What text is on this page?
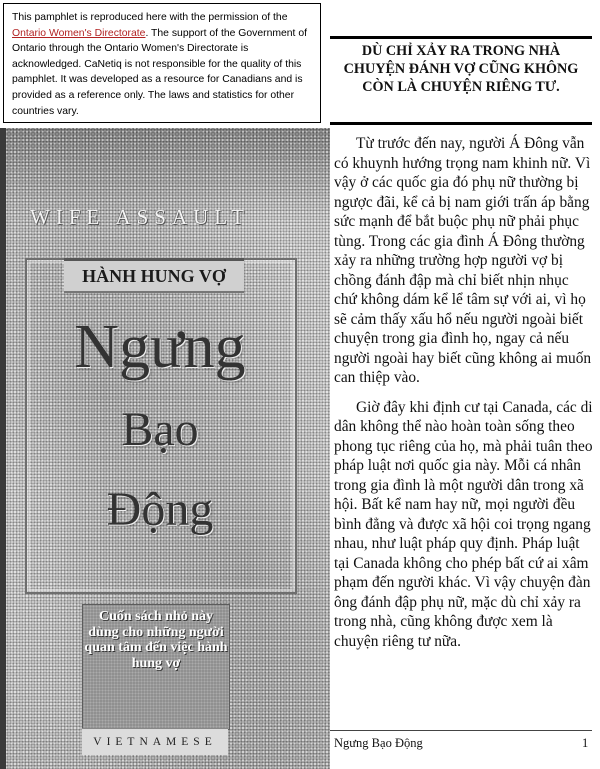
This pamphlet is reproduced here with the permission of the Ontario Women's Directorate. The support of the Government of Ontario through the Ontario Women's Directorate is acknowledged. CaNetiq is not responsible for the quality of this pamphlet. It was developed as a resource for Canadians and is provided as a reference only. The laws and statistics for other countries vary.
WIFE ASSAULT
HÀNH HUNG VỢ
Ngưng
Bạo
Động
Cuốn sách nhỏ này dùng cho những người quan tâm đến việc hành hung vợ
VIETNAMESE
DÙ CHỈ XẢY RA TRONG NHÀ CHUYỆN ĐÁNH VỢ CŨNG KHÔNG CÒN LÀ CHUYỆN RIÊNG TƯ.

Từ trước đến nay, người Á Đông vẫn có khuynh hướng trọng nam khinh nữ. Vì vậy ở các quốc gia đó phụ nữ thường bị ngược đãi, kể cả bị nam giới trấn áp bằng sức mạnh để bắt buộc phụ nữ phải phục tùng. Trong các gia đình Á Đông thường xảy ra những trường hợp người vợ bị chồng đánh đập mà chỉ biết nhịn nhục chứ không dám kể lể tâm sự với ai, vì họ sẽ cảm thấy xấu hổ nếu người ngoài biết chuyện trong gia đình họ, ngay cả nếu người ngoài hay biết cũng không ai muốn can thiệp vào.

Giờ đây khi định cư tại Canada, các di dân không thể nào hoàn toàn sống theo phong tục riêng của họ, mà phải tuân theo pháp luật nơi quốc gia này. Mỗi cá nhân trong gia đình là một người dân trong xã hội. Bất kể nam hay nữ, mọi người đều bình đẳng và được xã hội coi trọng ngang nhau, như luật pháp quy định. Pháp luật tại Canada không cho phép bất cứ ai xâm phạm đến người khác. Vì vậy chuyện đàn ông đánh đập phụ nữ, mặc dù chỉ xảy ra trong nhà, cũng không được xem là chuyện riêng tư nữa.

Ngưng Bạo Động	1
